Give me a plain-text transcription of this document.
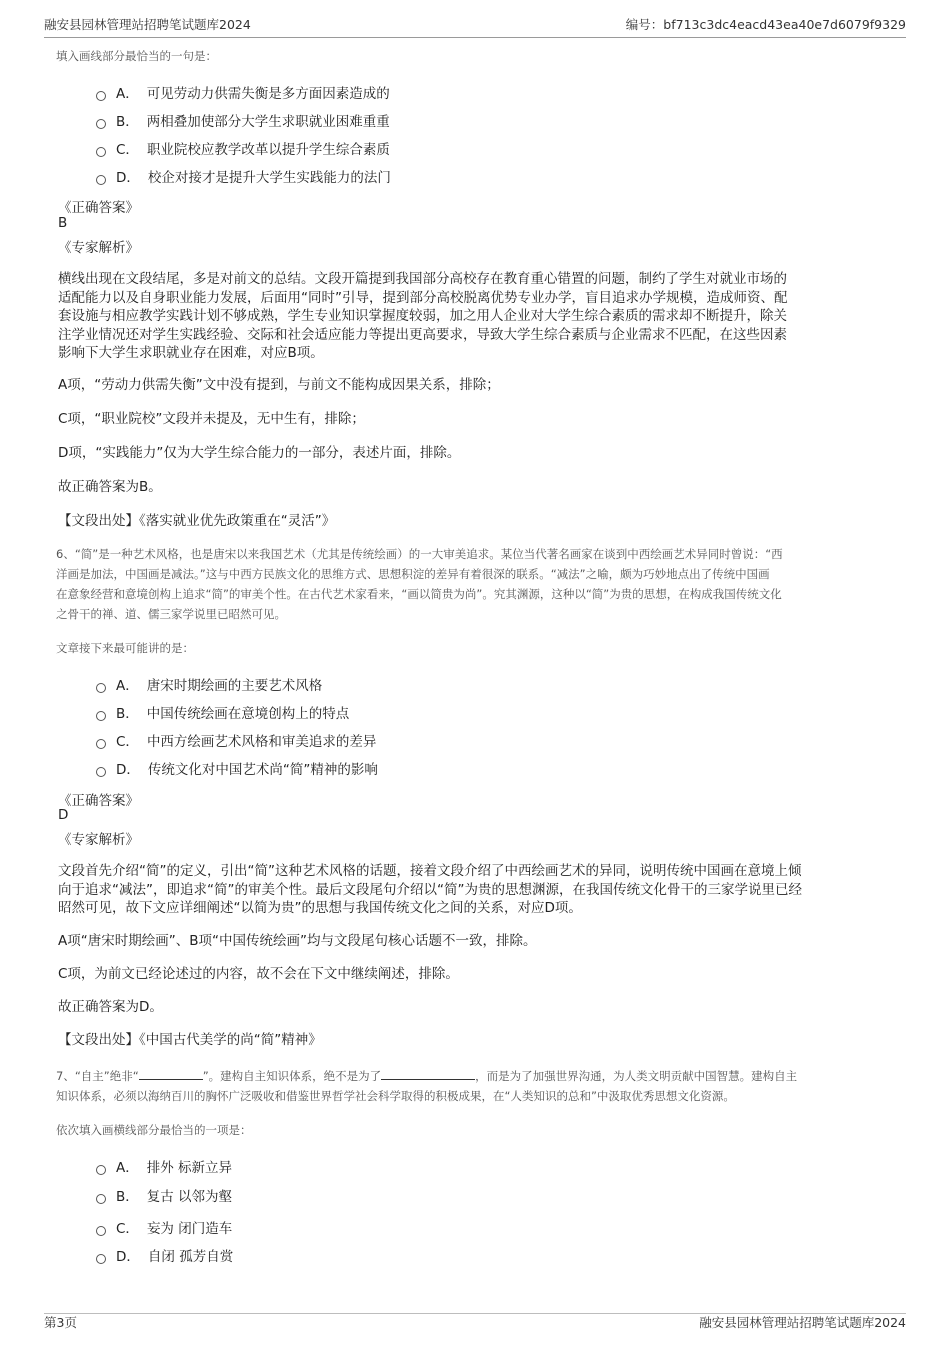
融安县园林管理站招聘笔试题库2024	编号：bf713c3dc4eacd43ea40e7d6079f9329
填入画线部分最恰当的一句是：
A． 可见劳动力供需失衡是多方面因素造成的
B． 两相叠加使部分大学生求职就业困难重重
C． 职业院校应教学改革以提升学生综合素质
D． 校企对接才是提升大学生实践能力的法门
《正确答案》
B
《专家解析》
横线出现在文段结尾，多是对前文的总结。文段开篇提到我国部分高校存在教育重心错置的问题，制约了学生对就业市场的
适配能力以及自身职业能力发展，后面用“同时”引导，提到部分高校脱离优势专业办学，盲目追求办学规模，造成师资、配
套设施与相应教学实践计划不够成熟，学生专业知识掌握度较弱，加之用人企业对大学生综合素质的需求却不断提升，除关
注学业情况还对学生实践经验、交际和社会适应能力等提出更高要求，导致大学生综合素质与企业需求不匹配，在这些因素
影响下大学生求职就业存在困难，对应B项。
A项，“劳动力供需失衡”文中没有提到，与前文不能构成因果关系，排除；
C项，“职业院校”文段并未提及，无中生有，排除；
D项，“实践能力”仅为大学生综合能力的一部分，表述片面，排除。
故正确答案为B。
【文段出处】《落实就业优先政策重在“灵活”》
6、“简”是一种艺术风格，也是唐宋以来我国艺术（尤其是传统绘画）的一大审美追求。某位当代著名画家在谈到中西绘画艺术异同时曾说：“西
洋画是加法，中国画是减法。”这与中西方民族文化的思维方式、思想积淀的差异有着很深的联系。“减法”之喻，颇为巧妙地点出了传统中国画
在意象经营和意境创构上追求“简”的审美个性。在古代艺术家看来，“画以简贵为尚”。究其渊源，这种以“简”为贵的思想，在构成我国传统文化
之骨干的禅、道、儒三家学说里已昭然可见。
文章接下来最可能讲的是：
A． 唐宋时期绘画的主要艺术风格
B． 中国传统绘画在意境创构上的特点
C． 中西方绘画艺术风格和审美追求的差异
D． 传统文化对中国艺术尚“简”精神的影响
《正确答案》
D
《专家解析》
文段首先介绍“简”的定义，引出“简”这种艺术风格的话题，接着文段介绍了中西绘画艺术的异同，说明传统中国画在意境上倾
向于追求“减法”，即追求“简”的审美个性。最后文段尾句介绍以“简”为贵的思想渊源，在我国传统文化骨干的三家学说里已经
昭然可见，故下文应详细阐述“以简为贵”的思想与我国传统文化之间的关系，对应D项。
A项“唐宋时期绘画”、B项“中国传统绘画”均与文段尾句核心话题不一致，排除。
C项，为前文已经论述过的内容，故不会在下文中继续阐述，排除。
故正确答案为D。
【文段出处】《中国古代美学的尚“简”精神》
7、“自主”绝非“	”。建构自主知识体系，绝不是为了	，而是为了加强世界沟通，为人类文明贡献中国智慧。建构自主
知识体系，必须以海纳百川的胸怀广泛吸收和借鉴世界哲学社会科学取得的积极成果，在“人类知识的总和”中汲取优秀思想文化资源。
依次填入画横线部分最恰当的一项是：
A． 排外 标新立异
B． 复古 以邻为壑
C． 妄为 闭门造车
D． 自闭 孤芳自赏
第3页	融安县园林管理站招聘笔试题库2024
